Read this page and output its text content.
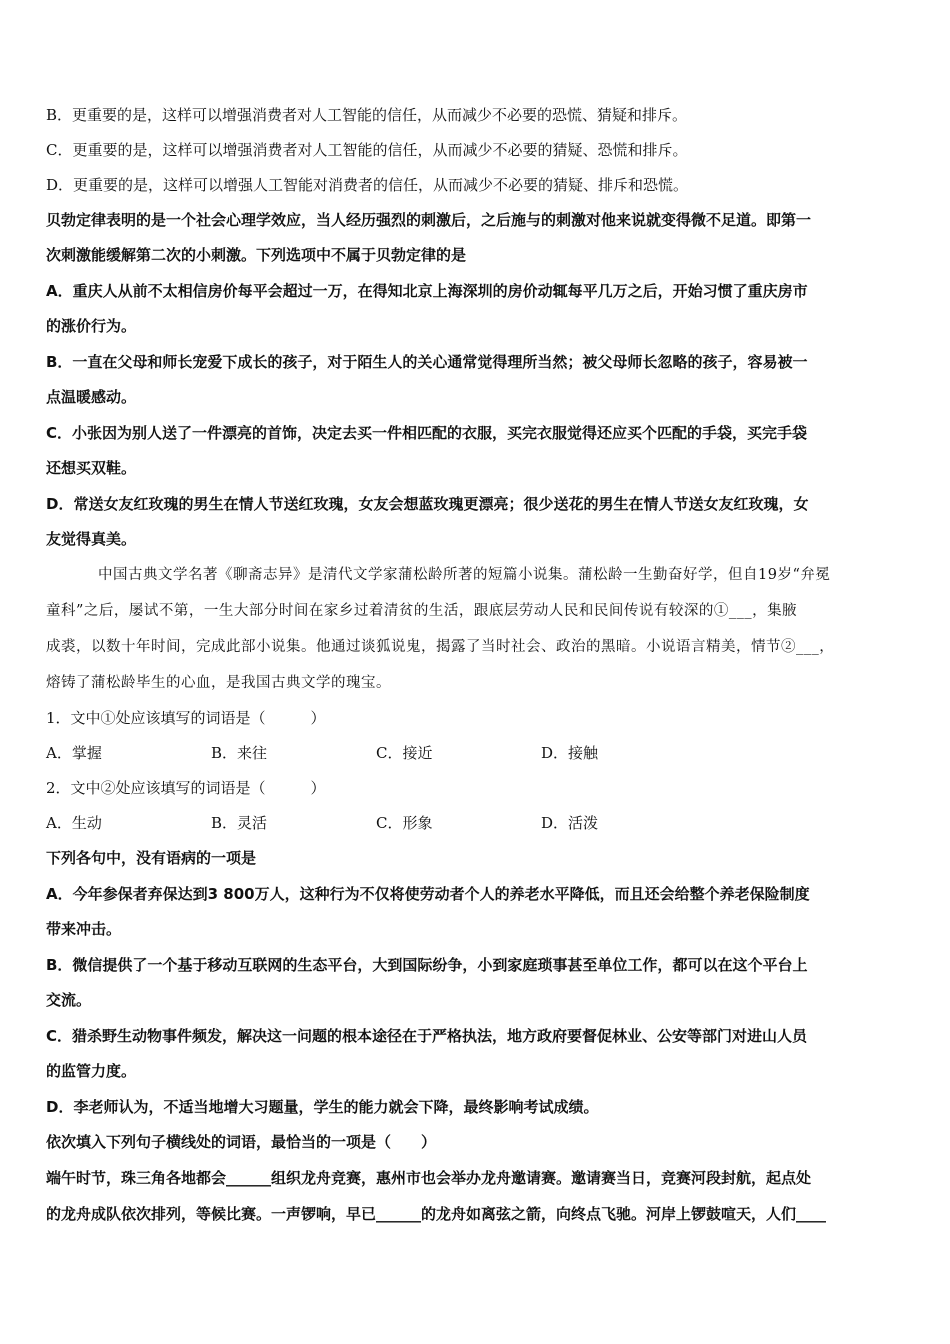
B．更重要的是，这样可以增强消费者对人工智能的信任，从而减少不必要的恐慌、猜疑和排斥。
C．更重要的是，这样可以增强消费者对人工智能的信任，从而减少不必要的猜疑、恐慌和排斥。
D．更重要的是，这样可以增强人工智能对消费者的信任，从而减少不必要的猜疑、排斥和恐慌。
贝勃定律表明的是一个社会心理学效应，当人经历强烈的刺激后，之后施与的刺激对他来说就变得微不足道。即第一
次刺激能缓解第二次的小刺激。下列选项中不属于贝勃定律的是
A．重庆人从前不太相信房价每平会超过一万，在得知北京上海深圳的房价动辄每平几万之后，开始习惯了重庆房市
的涨价行为。
B．一直在父母和师长宠爱下成长的孩子，对于陌生人的关心通常觉得理所当然；被父母师长忽略的孩子，容易被一
点温暖感动。
C．小张因为别人送了一件漂亮的首饰，决定去买一件相匹配的衣服，买完衣服觉得还应买个匹配的手袋，买完手袋
还想买双鞋。
D．常送女友红玫瑰的男生在情人节送红玫瑰，女友会想蓝玫瑰更漂亮；很少送花的男生在情人节送女友红玫瑰，女
友觉得真美。
中国古典文学名著《聊斋志异》是清代文学家蒲松龄所著的短篇小说集。蒲松龄一生勤奋好学，但自19岁“弁冕
童科”之后，屡试不第，一生大部分时间在家乡过着清贫的生活，跟底层劳动人民和民间传说有较深的①___，集腋
成裘，以数十年时间，完成此部小说集。他通过谈狐说鬼，揭露了当时社会、政治的黑暗。小说语言精美，情节②___，
熔铸了蒲松龄毕生的心血，是我国古典文学的瑰宝。
1．文中①处应该填写的词语是（　　　）
A．掌握	B．来往	C．接近	D．接触
2．文中②处应该填写的词语是（　　　）
A．生动	B．灵活	C．形象	D．活泼
下列各句中，没有语病的一项是
A．今年参保者弃保达到3 800万人，这种行为不仅将使劳动者个人的养老水平降低，而且还会给整个养老保险制度
带来冲击。
B．微信提供了一个基于移动互联网的生态平台，大到国际纷争，小到家庭琐事甚至单位工作，都可以在这个平台上
交流。
C．猎杀野生动物事件频发，解决这一问题的根本途径在于严格执法，地方政府要督促林业、公安等部门对进山人员
的监管力度。
D．李老师认为，不适当地增大习题量，学生的能力就会下降，最终影响考试成绩。
依次填入下列句子横线处的词语，最恰当的一项是（　　）
端午时节，珠三角各地都会______组织龙舟竞赛，惠州市也会举办龙舟邀请赛。邀请赛当日，竞赛河段封航，起点处
的龙舟成队依次排列，等候比赛。一声锣响，早已______的龙舟如离弦之箭，向终点飞驰。河岸上锣鼓喧天，人们____
